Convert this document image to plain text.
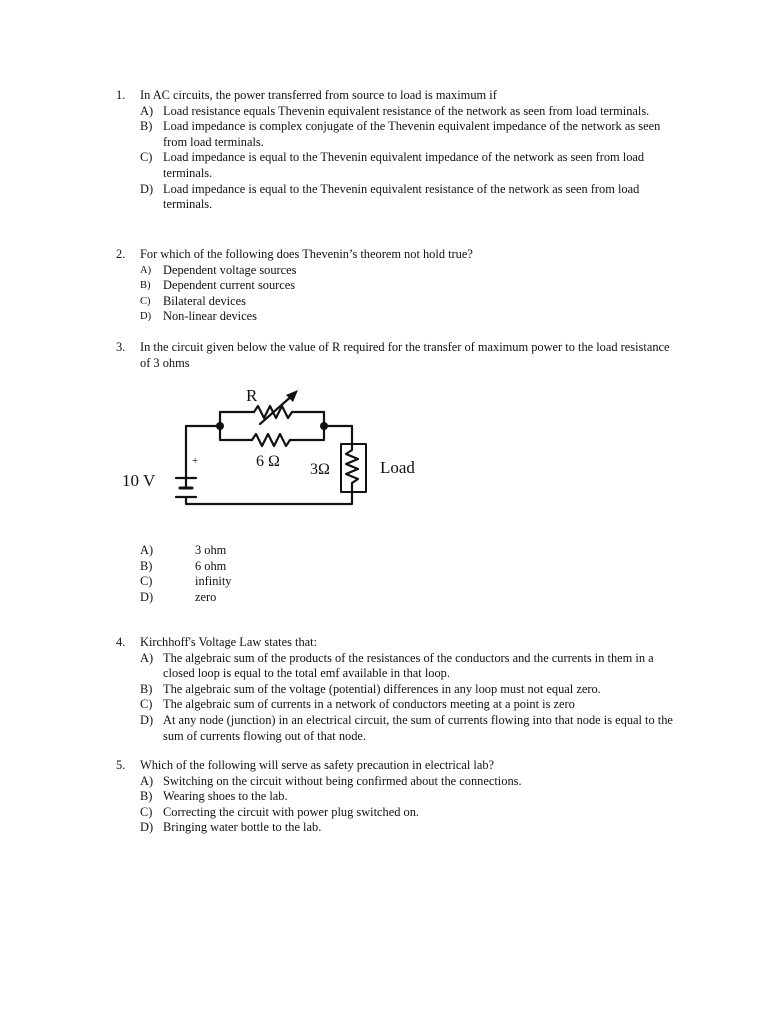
1. In AC circuits, the power transferred from source to load is maximum if
A) Load resistance equals Thevenin equivalent resistance of the network as seen from load terminals.
B) Load impedance is complex conjugate of the Thevenin equivalent impedance of the network as seen from load terminals.
C) Load impedance is equal to the Thevenin equivalent impedance of the network as seen from load terminals.
D) Load impedance is equal to the Thevenin equivalent resistance of the network as seen from load terminals.
2. For which of the following does Thevenin’s theorem not hold true?
A) Dependent voltage sources
B) Dependent current sources
C) Bilateral devices
D) Non-linear devices
3. In the circuit given below the value of R required for the transfer of maximum power to the load resistance of 3 ohms
R
6 Ω 3Ω	Load
10 V
+
A)	3 ohm
B)	6 ohm
C)	infinity
D)	zero
4. Kirchhoff's Voltage Law states that:
A) The algebraic sum of the products of the resistances of the conductors and the currents in them in a closed loop is equal to the total emf available in that loop.
B) The algebraic sum of the voltage (potential) differences in any loop must not equal zero.
C) The algebraic sum of currents in a network of conductors meeting at a point is zero
D) At any node (junction) in an electrical circuit, the sum of currents flowing into that node is equal to the sum of currents flowing out of that node.
5. Which of the following will serve as safety precaution in electrical lab?
A) Switching on the circuit without being confirmed about the connections.
B) Wearing shoes to the lab.
C) Correcting the circuit with power plug switched on.
D) Bringing water bottle to the lab.
